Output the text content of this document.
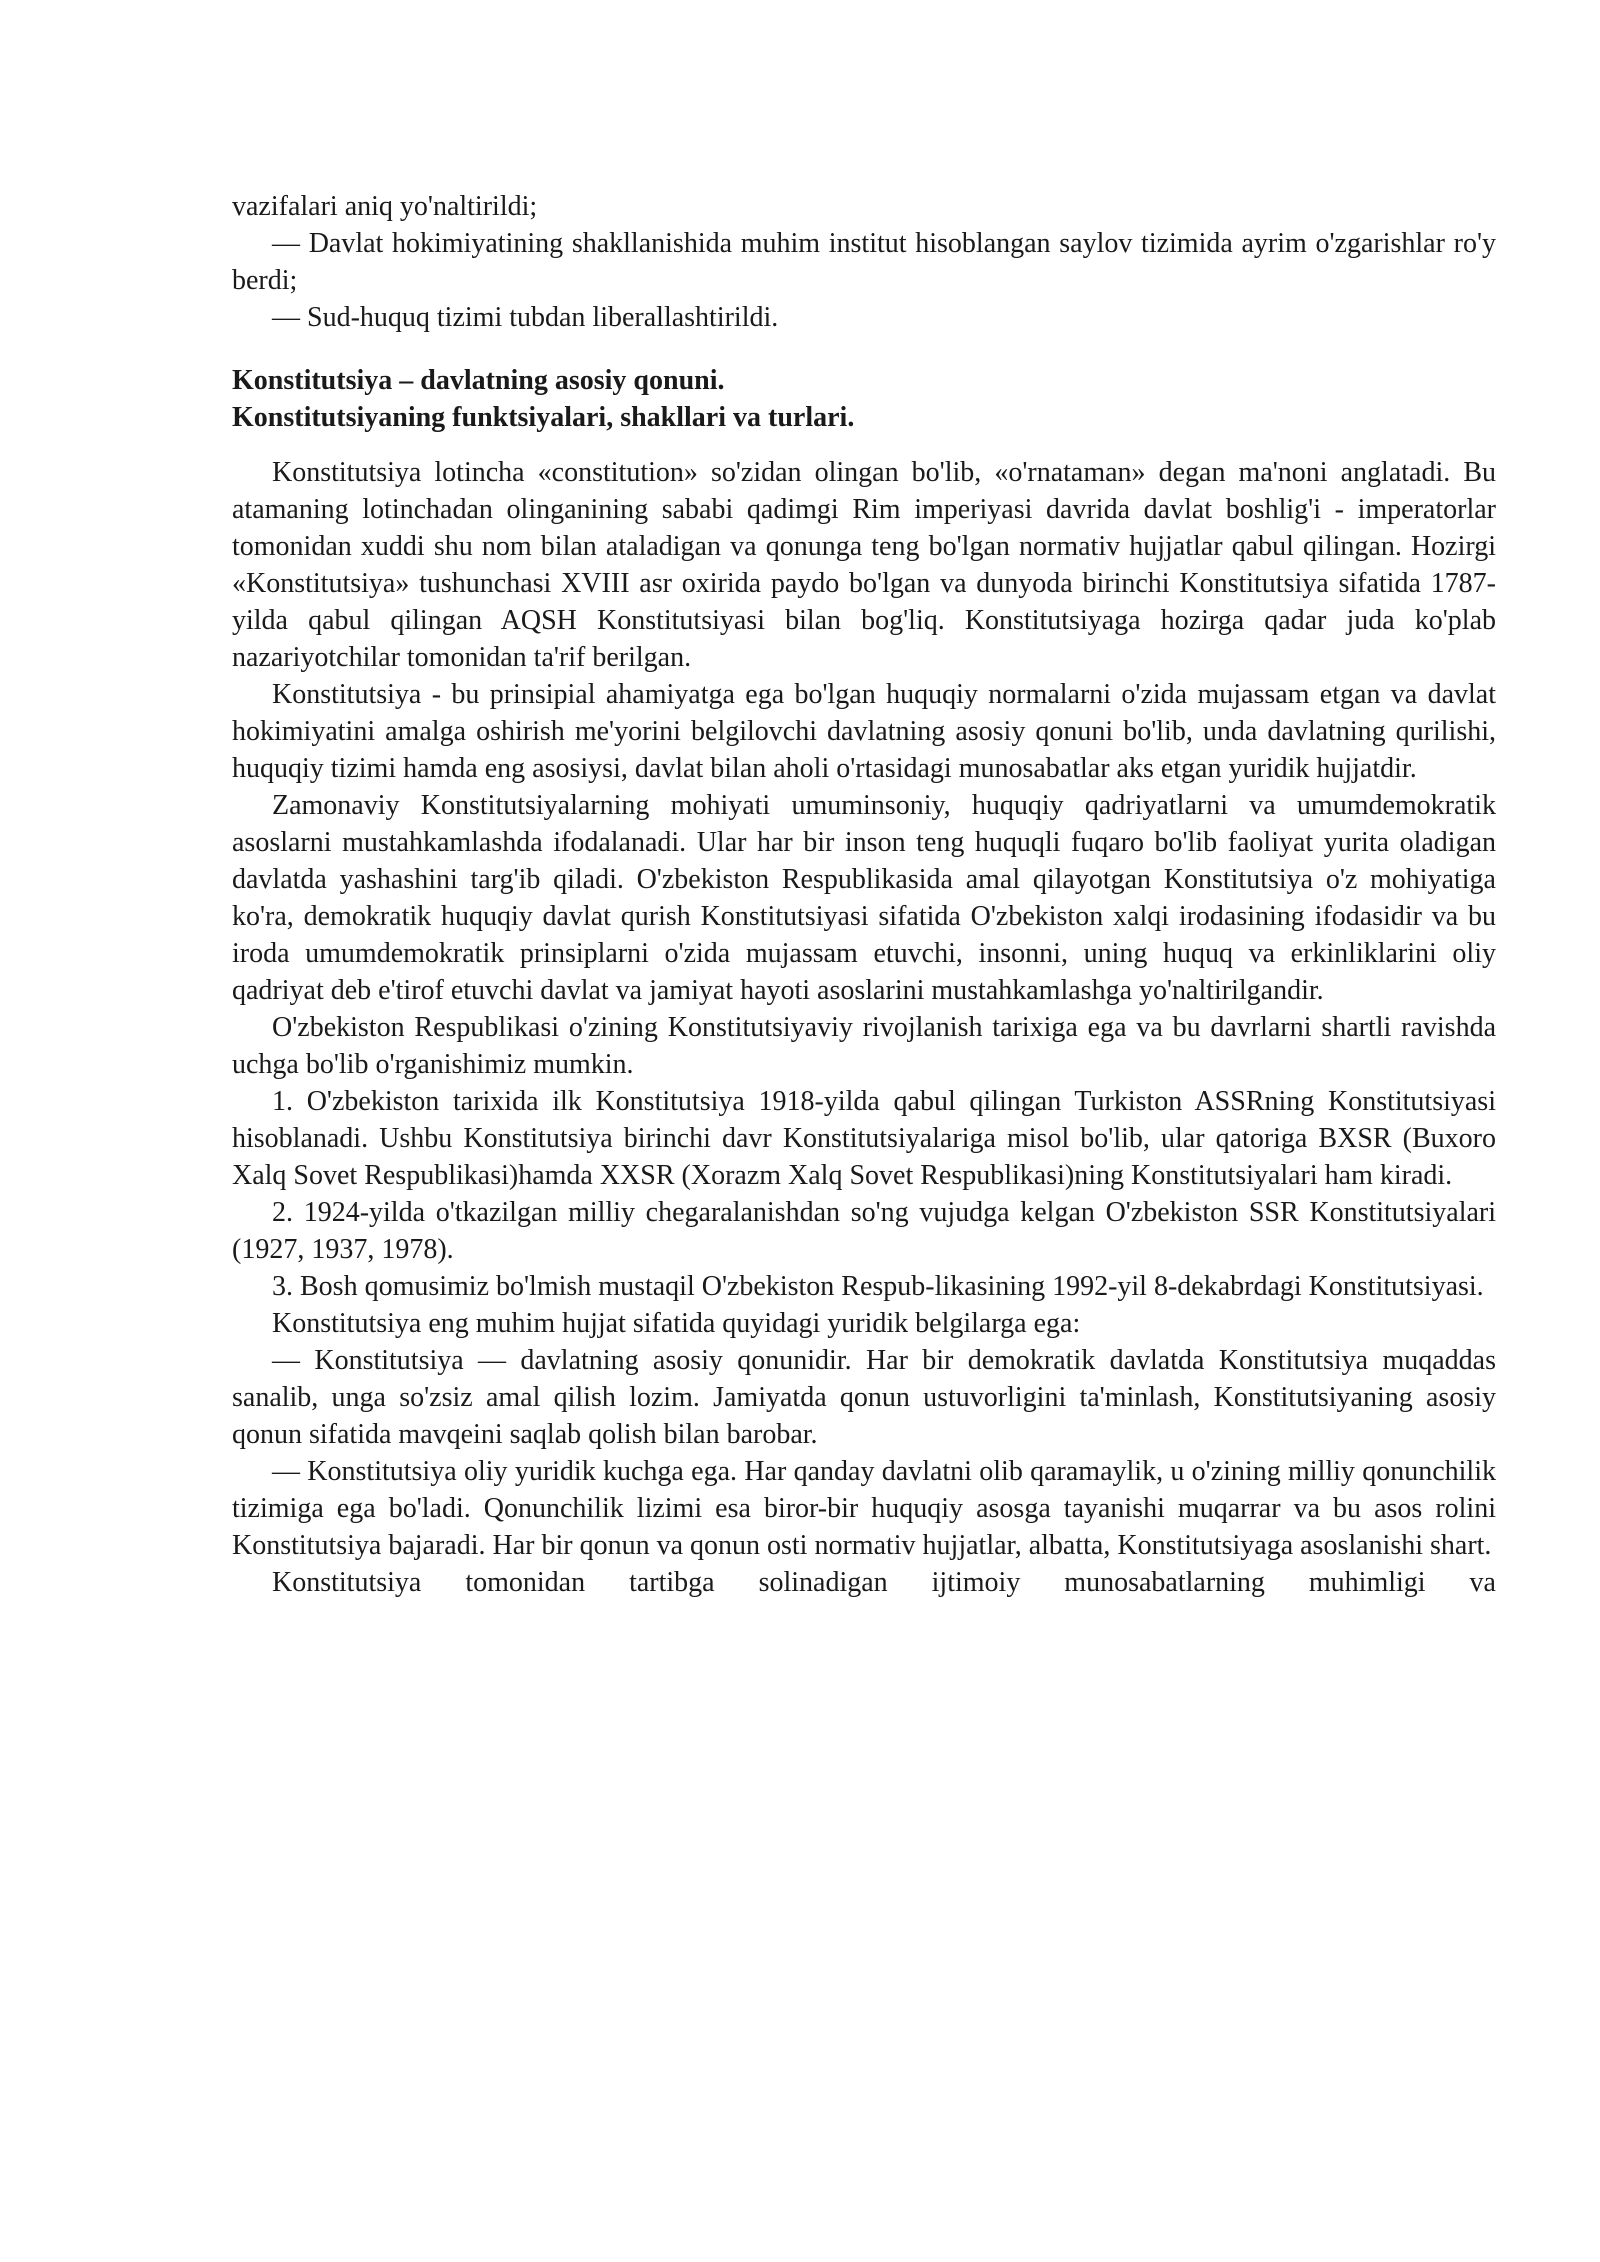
vazifalari aniq yo'naltirildi;

— Davlat hokimiyatining shakllanishida muhim institut hisoblangan saylov tizimida ayrim o'zgarishlar ro'y berdi;

— Sud-huquq tizimi tubdan liberallashtirildi.

Konstitutsiya – davlatning asosiy qonuni.

Konstitutsiyaning funktsiyalari, shakllari va turlari.

Konstitutsiya lotincha «constitution» so'zidan olingan bo'lib, «o'rnataman» degan ma'noni anglatadi. Bu atamaning lotinchadan olinganining sababi qadimgi Rim imperiyasi davrida davlat boshlig'i - imperatorlar tomonidan xuddi shu nom bilan ataladigan va qonunga teng bo'lgan normativ hujjatlar qabul qilingan. Hozirgi «Konstitutsiya» tushunchasi XVIII asr oxirida paydo bo'lgan va dunyoda birinchi Konstitutsiya sifatida 1787-yilda qabul qilingan AQSH Konstitutsiyasi bilan bog'liq. Konstitutsiyaga hozirga qadar juda ko'plab nazariyotchilar tomonidan ta'rif berilgan.

Konstitutsiya - bu prinsipial ahamiyatga ega bo'lgan huquqiy normalarni o'zida mujassam etgan va davlat hokimiyatini amalga oshirish me'yorini belgilovchi davlatning asosiy qonuni bo'lib, unda davlatning qurilishi, huquqiy tizimi hamda eng asosiysi, davlat bilan aholi o'rtasidagi munosabatlar aks etgan yuridik hujjatdir.

Zamonaviy Konstitutsiyalarning mohiyati umuminsoniy, huquqiy qadriyatlarni va umumdemokratik asoslarni mustahkamlashda ifodalanadi. Ular har bir inson teng huquqli fuqaro bo'lib faoliyat yurita oladigan davlatda yashashini targ'ib qiladi. O'zbekiston Respublikasida amal qilayotgan Konstitutsiya o'z mohiyatiga ko'ra, demokratik huquqiy davlat qurish Konstitutsiyasi sifatida O'zbekiston xalqi irodasining ifodasidir va bu iroda umumdemokratik prinsiplarni o'zida mujassam etuvchi, insonni, uning huquq va erkinliklarini oliy qadriyat deb e'tirof etuvchi davlat va jamiyat hayoti asoslarini mustahkamlashga yo'naltirilgandir.

O'zbekiston Respublikasi o'zining Konstitutsiyaviy rivojlanish tarixiga ega va bu davrlarni shartli ravishda uchga bo'lib o'rganishimiz mumkin.

1. O'zbekiston tarixida ilk Konstitutsiya 1918-yilda qabul qilingan Turkiston ASSRning Konstitutsiyasi hisoblanadi. Ushbu Konstitutsiya birinchi davr Konstitutsiyalariga misol bo'lib, ular qatoriga BXSR (Buxoro Xalq Sovet Respublikasi)hamda XXSR (Xorazm Xalq Sovet Respublikasi)ning Konstitutsiyalari ham kiradi.

2. 1924-yilda o'tkazilgan milliy chegaralanishdan so'ng vujudga kelgan O'zbekiston SSR Konstitutsiyalari (1927, 1937, 1978).

3. Bosh qomusimiz bo'lmish mustaqil O'zbekiston Respub-likasining 1992-yil 8-dekabrdagi Konstitutsiyasi.

Konstitutsiya eng muhim hujjat sifatida quyidagi yuridik belgilarga ega:

— Konstitutsiya — davlatning asosiy qonunidir. Har bir demokratik davlatda Konstitutsiya muqaddas sanalib, unga so'zsiz amal qilish lozim. Jamiyatda qonun ustuvorligini ta'minlash, Konstitutsiyaning asosiy qonun sifatida mavqeini saqlab qolish bilan barobar.

— Konstitutsiya oliy yuridik kuchga ega. Har qanday davlatni olib qaramaylik, u o'zining milliy qonunchilik tizimiga ega bo'ladi. Qonunchilik lizimi esa biror-bir huquqiy asosga tayanishi muqarrar va bu asos rolini Konstitutsiya bajaradi. Har bir qonun va qonun osti normativ hujjatlar, albatta, Konstitutsiyaga asoslanishi shart.

Konstitutsiya tomonidan tartibga solinadigan ijtimoiy munosabatlarning muhimligi va
